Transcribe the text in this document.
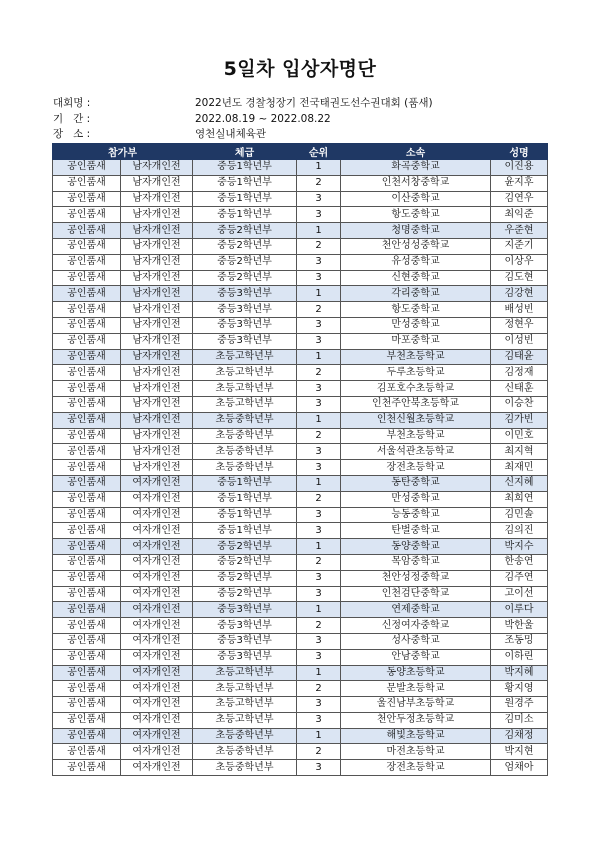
5일차 입상자명단
대회명 :	2022년도 경찰청장기 전국태권도선수권대회 (품새)
기   간 :	2022.08.19 ~ 2022.08.22
장   소 :	영천실내체육관
참가부		체급	순위	소속	성명
공인품새	남자개인전	중등1학년부	1	화곡중학교	이진용
공인품새	남자개인전	중등1학년부	2	인천서창중학교	윤지후
공인품새	남자개인전	중등1학년부	3	이산중학교	김연우
공인품새	남자개인전	중등1학년부	3	항도중학교	최익준
공인품새	남자개인전	중등2학년부	1	청명중학교	우준현
공인품새	남자개인전	중등2학년부	2	천안성성중학교	지준기
공인품새	남자개인전	중등2학년부	3	유성중학교	이상우
공인품새	남자개인전	중등2학년부	3	신현중학교	김도현
공인품새	남자개인전	중등3학년부	1	각리중학교	김강현
공인품새	남자개인전	중등3학년부	2	항도중학교	배성빈
공인품새	남자개인전	중등3학년부	3	만성중학교	정현우
공인품새	남자개인전	중등3학년부	3	마포중학교	이성빈
공인품새	남자개인전	초등고학년부	1	부천초등학교	김태윤
공인품새	남자개인전	초등고학년부	2	두루초등학교	김정재
공인품새	남자개인전	초등고학년부	3	김포호수초등학교	신태훈
공인품새	남자개인전	초등고학년부	3	인천주안북초등학교	이승찬
공인품새	남자개인전	초등중학년부	1	인천신월초등학교	김가빈
공인품새	남자개인전	초등중학년부	2	부천초등학교	이민호
공인품새	남자개인전	초등중학년부	3	서울석관초등학교	최지혁
공인품새	남자개인전	초등중학년부	3	장전초등학교	최재민
공인품새	여자개인전	중등1학년부	1	동탄중학교	신지혜
공인품새	여자개인전	중등1학년부	2	만성중학교	최희연
공인품새	여자개인전	중등1학년부	3	능동중학교	김민솔
공인품새	여자개인전	중등1학년부	3	탄벌중학교	김의진
공인품새	여자개인전	중등2학년부	1	동양중학교	박지수
공인품새	여자개인전	중등2학년부	2	목암중학교	한송연
공인품새	여자개인전	중등2학년부	3	천안성정중학교	김주연
공인품새	여자개인전	중등2학년부	3	인천검단중학교	고이선
공인품새	여자개인전	중등3학년부	1	연제중학교	이루다
공인품새	여자개인전	중등3학년부	2	신정여자중학교	박한울
공인품새	여자개인전	중등3학년부	3	성사중학교	조동밍
공인품새	여자개인전	중등3학년부	3	안남중학교	이하린
공인품새	여자개인전	초등고학년부	1	동양초등학교	박지혜
공인품새	여자개인전	초등고학년부	2	문발초등학교	황지영
공인품새	여자개인전	초등고학년부	3	울진남부초등학교	원경주
공인품새	여자개인전	초등고학년부	3	천안두정초등학교	김미소
공인품새	여자개인전	초등중학년부	1	해빛초등학교	김채정
공인품새	여자개인전	초등중학년부	2	마전초등학교	박지현
공인품새	여자개인전	초등중학년부	3	장전초등학교	엄채아
